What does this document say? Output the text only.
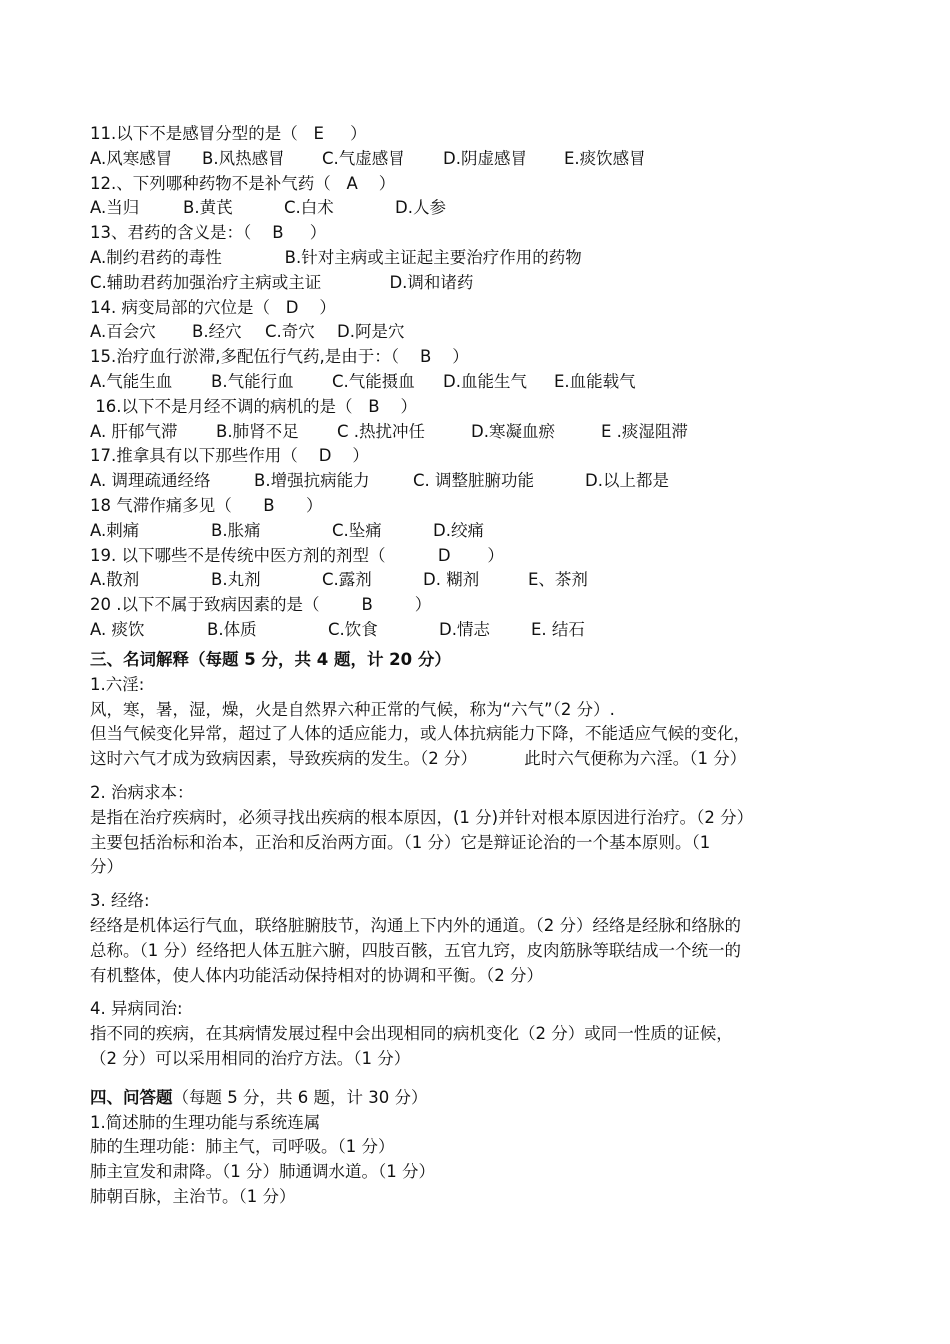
11.以下不是感冒分型的是（   E     ）
A.风寒感冒	B.风热感冒	C.气虚感冒	D.阴虚感冒	E.痰饮感冒
12.、下列哪种药物不是补气药（   A    ）
A.当归	B.黄芪	C.白术	D.人参
13、君药的含义是：（    B     ）
A.制约君药的毒性            B.针对主病或主证起主要治疗作用的药物
C.辅助君药加强治疗主病或主证             D.调和诸药
14. 病变局部的穴位是（   D    ）
A.百会穴	B.经穴	C.奇穴	D.阿是穴
15.治疗血行淤滞,多配伍行气药,是由于：（    B    ）
A.气能生血	B.气能行血	C.气能摄血	D.血能生气	E.血能载气
16.以下不是月经不调的病机的是（   B    ）
A. 肝郁气滞	B.肺肾不足	C .热扰冲任	D.寒凝血瘀	E .痰湿阻滞
17.推拿具有以下那些作用（    D    ）
A. 调理疏通经络	B.增强抗病能力	C. 调整脏腑功能	D.以上都是
18 气滞作痛多见（      B      ）
A.刺痛	B.胀痛	C.坠痛	D.绞痛
19. 以下哪些不是传统中医方剂的剂型（          D       ）
A.散剂	B.丸剂	C.露剂	D. 糊剂	E、茶剂
20 .以下不属于致病因素的是（        B        ）
A. 痰饮	B.体质	C.饮食	D.情志	E. 结石
三、名词解释（每题 5 分，共 4 题，计 20 分）
1.六淫:
风，寒，暑，湿，燥，火是自然界六种正常的气候，称为“六气”（2 分）.
但当气候变化异常，超过了人体的适应能力，或人体抗病能力下降，不能适应气候的变化，
这时六气才成为致病因素，导致疾病的发生。（2 分）         此时六气便称为六淫。（1 分）
2. 治病求本：
是指在治疗疾病时，必须寻找出疾病的根本原因，(1 分)并针对根本原因进行治疗。（2 分）
主要包括治标和治本，正治和反治两方面。（1 分）它是辩证论治的一个基本原则。（1
分）
3. 经络:
经络是机体运行气血，联络脏腑肢节，沟通上下内外的通道。（2 分）经络是经脉和络脉的
总称。（1 分）经络把人体五脏六腑，四肢百骸，五官九窍，皮肉筋脉等联结成一个统一的
有机整体，使人体内功能活动保持相对的协调和平衡。（2 分）
4. 异病同治:
指不同的疾病，在其病情发展过程中会出现相同的病机变化（2 分）或同一性质的证候，
（2 分）可以采用相同的治疗方法。（1 分）
四、问答题（每题 5 分，共 6 题，计 30 分）
1.简述肺的生理功能与系统连属
肺的生理功能：肺主气，司呼吸。（1 分）
肺主宣发和肃降。（1 分）肺通调水道。（1 分）
肺朝百脉，主治节。（1 分）
